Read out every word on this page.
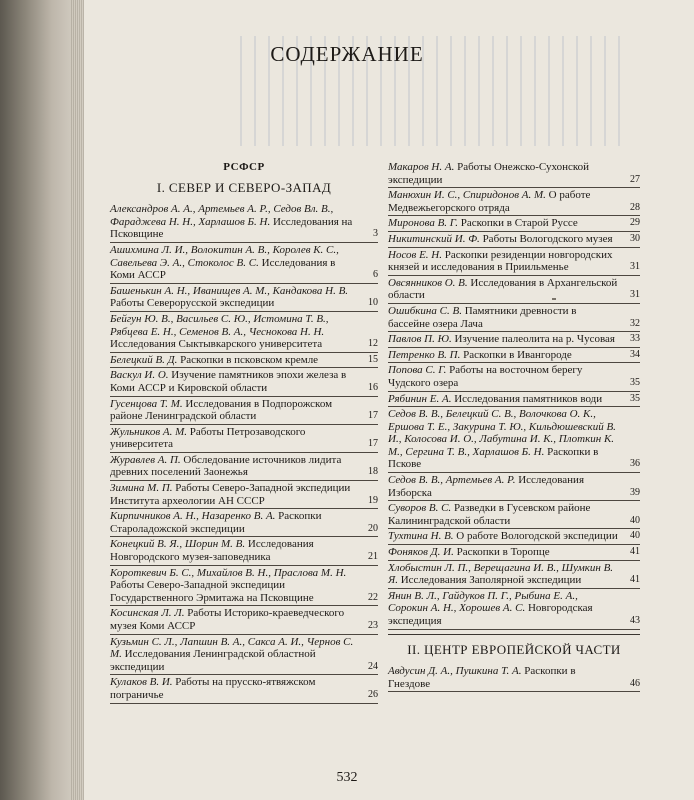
СОДЕРЖАНИЕ
РСФСР
I. СЕВЕР И СЕВЕРО-ЗАПАД
Александров А. А., Артемьев А. Р., Седов Вл. В., Фараджева Н. Н., Харлашов Б. Н. Исследования на Псковщине	3
Ашихмина Л. И., Волокитин А. В., Королев К. С., Савельева Э. А., Стоколос В. С. Исследования в Коми АССР	6
Башенькин А. Н., Иванищев А. М., Кандакова Н. В. Работы Северорусской экспедиции	10
Бейгун Ю. В., Васильев С. Ю., Истомина Т. В., Рябцева Е. Н., Семенов В. А., Чеснокова Н. Н. Исследования Сыктывкарского университета	12
Белецкий В. Д. Раскопки в псковском кремле	15
Васкул И. О. Изучение памятников эпохи железа в Коми АССР и Кировской области	16
Гусенцова Т. М. Исследования в Подпорожском районе Ленинградской области	17
Жульников А. М. Работы Петрозаводского университета	17
Журавлев А. П. Обследование источников лидита древних поселений Заонежья	18
Зимина М. П. Работы Северо-Западной экспедиции Института археологии АН СССР	19
Кирпичников А. Н., Назаренко В. А. Раскопки Староладожской экспедиции	20
Конецкий В. Я., Шорин М. В. Исследования Новгородского музея-заповедника	21
Короткевич Б. С., Михайлов В. Н., Праслова М. Н. Работы Северо-Западной экспедиции Государственного Эрмитажа на Псковщине	22
Косинская Л. Л. Работы Историко-краеведческого музея Коми АССР	23
Кузьмин С. Л., Лапшин В. А., Сакса А. И., Чернов С. М. Исследования Ленинградской областной экспедиции	24
Кулаков В. И. Работы на прусско-ятвяжском пограничье	26
Макаров Н. А. Работы Онежско-Сухонской экспедиции	27
Манюхин И. С., Спиридонов А. М. О работе Медвежьегорского отряда	28
Миронова В. Г. Раскопки в Старой Руссе	29
Никитинский И. Ф. Работы Вологодского музея 30
Носов Е. Н. Раскопки резиденции новгородских князей и исследования в Приильменье	31
Овсянников О. В. Исследования в Архангельской области	31
Ошибкина С. В. Памятники древности в бассейне озера Лача	32
Павлов П. Ю. Изучение палеолита на р. Чусовая 33
Петренко В. П. Раскопки в Ивангороде	34
Попова С. Г. Работы на восточном берегу Чудского озера	35
Рябинин Е. А. Исследования памятников води	35
Седов В. В., Белецкий С. В., Волочкова О. К., Ершова Т. Е., Закурина Т. Ю., Кильдюшевский В. И., Колосова И. О., Лабутина И. К., Плоткин К. М., Сергина Т. В., Харлашов Б. Н. Раскопки в Пскове	36
Седов В. В., Артемьев А. Р. Исследования Изборска	39
Суворов В. С. Разведки в Гусевском районе Калининградской области	40
Тухтина Н. В. О работе Вологодской экспедиции 40
Фоняков Д. И. Раскопки в Торопце	41
Хлобыстин Л. П., Верещагина И. В., Шумкин В. Я. Исследования Заполярной экспедиции	41
Янин В. Л., Гайдуков П. Г., Рыбина Е. А., Сорокин А. Н., Хорошев А. С. Новгородская экспедиция	43
II. ЦЕНТР ЕВРОПЕЙСКОЙ ЧАСТИ
Авдусин Д. А., Пушкина Т. А. Раскопки в Гнездове	46
532
